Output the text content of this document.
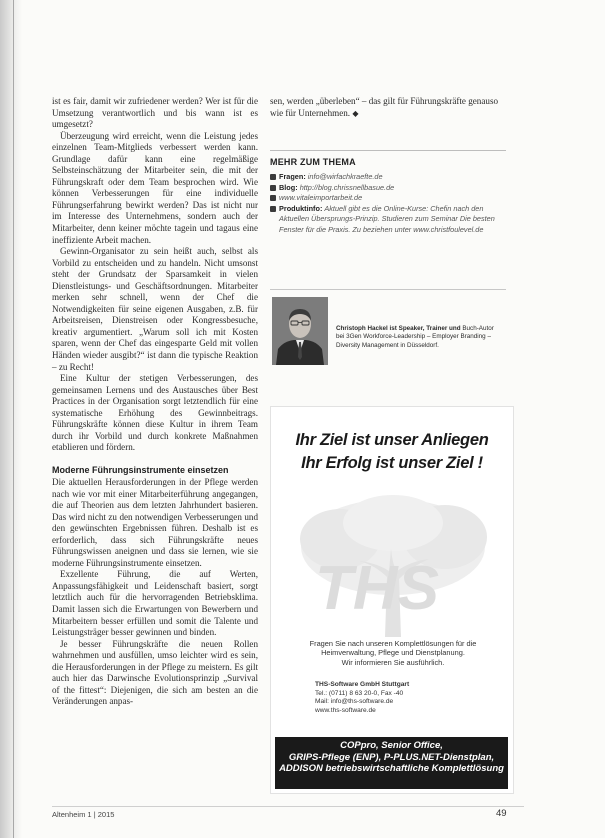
ist es fair, damit wir zufriedener werden? Wer ist für die Umsetzung verantwortlich und bis wann ist es umgesetzt?

Überzeugung wird erreicht, wenn die Leistung jedes einzelnen Team-Mitglieds verbessert werden kann. Grundlage dafür kann eine regelmäßige Selbsteinschätzung der Mitarbeiter sein, die mit der Führungskraft oder dem Team besprochen wird. Wie können Verbesserungen für eine individuelle Führungserfahrung bewirkt werden? Das ist nicht nur im Interesse des Unternehmens, sondern auch der Mitarbeiter, denn keiner möchte tagein und tagaus eine ineffiziente Arbeit machen.

Gewinn-Organisator zu sein heißt auch, selbst als Vorbild zu entscheiden und zu handeln. Nicht umsonst steht der Grundsatz der Sparsamkeit in vielen Dienstleistungs- und Geschäftsordnungen. Mitarbeiter merken sehr schnell, wenn der Chef die Notwendigkeiten für seine eigenen Ausgaben, z.B. für Arbeitsreisen, Dienstreisen oder Kongressbesuche, kreativ argumentiert. „Warum soll ich mit Kosten sparen, wenn der Chef das eingesparte Geld mit vollen Händen wieder ausgibt?“ ist dann die typische Reaktion – zu Recht!

Eine Kultur der stetigen Verbesserungen, des gemeinsamen Lernens und des Austausches über Best Practices in der Organisation sorgt letztendlich für eine systematische Erhöhung des Gewinnbeitrags. Führungskräfte können diese Kultur in ihrem Team durch ihr Vorbild und durch konkrete Maßnahmen etablieren und fördern.

Moderne Führungsinstrumente einsetzen

Die aktuellen Herausforderungen in der Pflege werden nach wie vor mit einer Mitarbeiterführung angegangen, die auf Theorien aus dem letzten Jahrhundert basieren. Das wird nicht zu den notwendigen Verbesserungen und den gewünschten Ergebnissen führen. Deshalb ist es erforderlich, dass sich Führungskräfte neues Führungswissen aneignen und dass sie lernen, wie sie moderne Führungsinstrumente einsetzen.

Exzellente Führung, die auf Werten, Anpassungsfähigkeit und Leidenschaft basiert, sorgt letztlich auch für die hervorragenden Betriebsklima. Damit lassen sich die Erwartungen von Bewerbern und Mitarbeitern besser erfüllen und somit die Talente und Leistungsträger besser gewinnen und binden.

Je besser Führungskräfte die neuen Rollen wahrnehmen und ausfüllen, umso leichter wird es sein, die Herausforderungen in der Pflege zu meistern. Es gilt auch hier das Darwinsche Evolutionsprinzip „Survival of the fittest“: Diejenigen, die sich am besten an die Veränderungen anpas-

sen, werden „überleben“ – das gilt für Führungskräfte genauso wie für Unternehmen. ◆

MEHR ZUM THEMA
Fragen: info@wirfachkraefte.de
Blog: http://blog.chrissnellbasue.de
www.vitaleimportarbeit.de
Produktinfo: Aktuell gibt es die Online-Kurse: Chefin nach den Aktuellen Übersprungs-Prinzip. Studieren zum Seminar Die besten Fenster für die Praxis. Zu beziehen unter www.christfoulevel.de
Christoph Hackel ist Speaker, Trainer und Buch-Autor bei 3Gen Workforce-Leadership – Employer Branding – Diversity Management in Düsseldorf.
Ihr Ziel ist unser Anliegen
Ihr Erfolg ist unser Ziel !
THS
Fragen Sie nach unseren Komplettlösungen für die
Heimverwaltung, Pflege und Dienstplanung.
Wir informieren Sie ausführlich.
THS-Software GmbH Stuttgart
Tel.: (0711) 8 63 20-0, Fax -40
Mail: info@ths-software.de
www.ths-software.de
COPpro, Senior Office,
GRIPS-Pflege (ENP), P-PLUS.NET-Dienstplan,
ADDISON betriebswirtschaftliche Komplettlösung
Altenheim 1 | 2015	49
